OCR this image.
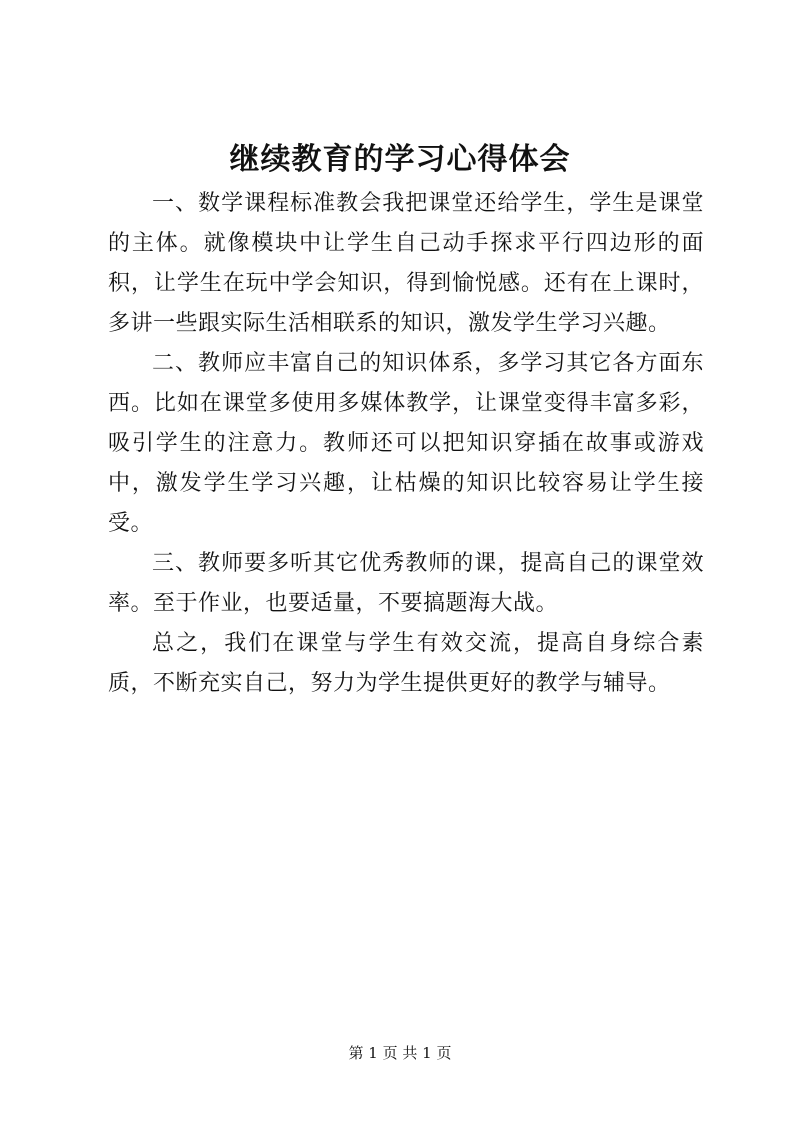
继续教育的学习心得体会

一、数学课程标准教会我把课堂还给学生，学生是课堂的主体。就像模块中让学生自己动手探求平行四边形的面积，让学生在玩中学会知识，得到愉悦感。还有在上课时，多讲一些跟实际生活相联系的知识，激发学生学习兴趣。

二、教师应丰富自己的知识体系，多学习其它各方面东西。比如在课堂多使用多媒体教学，让课堂变得丰富多彩，吸引学生的注意力。教师还可以把知识穿插在故事或游戏中，激发学生学习兴趣，让枯燥的知识比较容易让学生接受。

三、教师要多听其它优秀教师的课，提高自己的课堂效率。至于作业，也要适量，不要搞题海大战。

总之，我们在课堂与学生有效交流，提高自身综合素质，不断充实自己，努力为学生提供更好的教学与辅导。

第 1 页 共 1 页
